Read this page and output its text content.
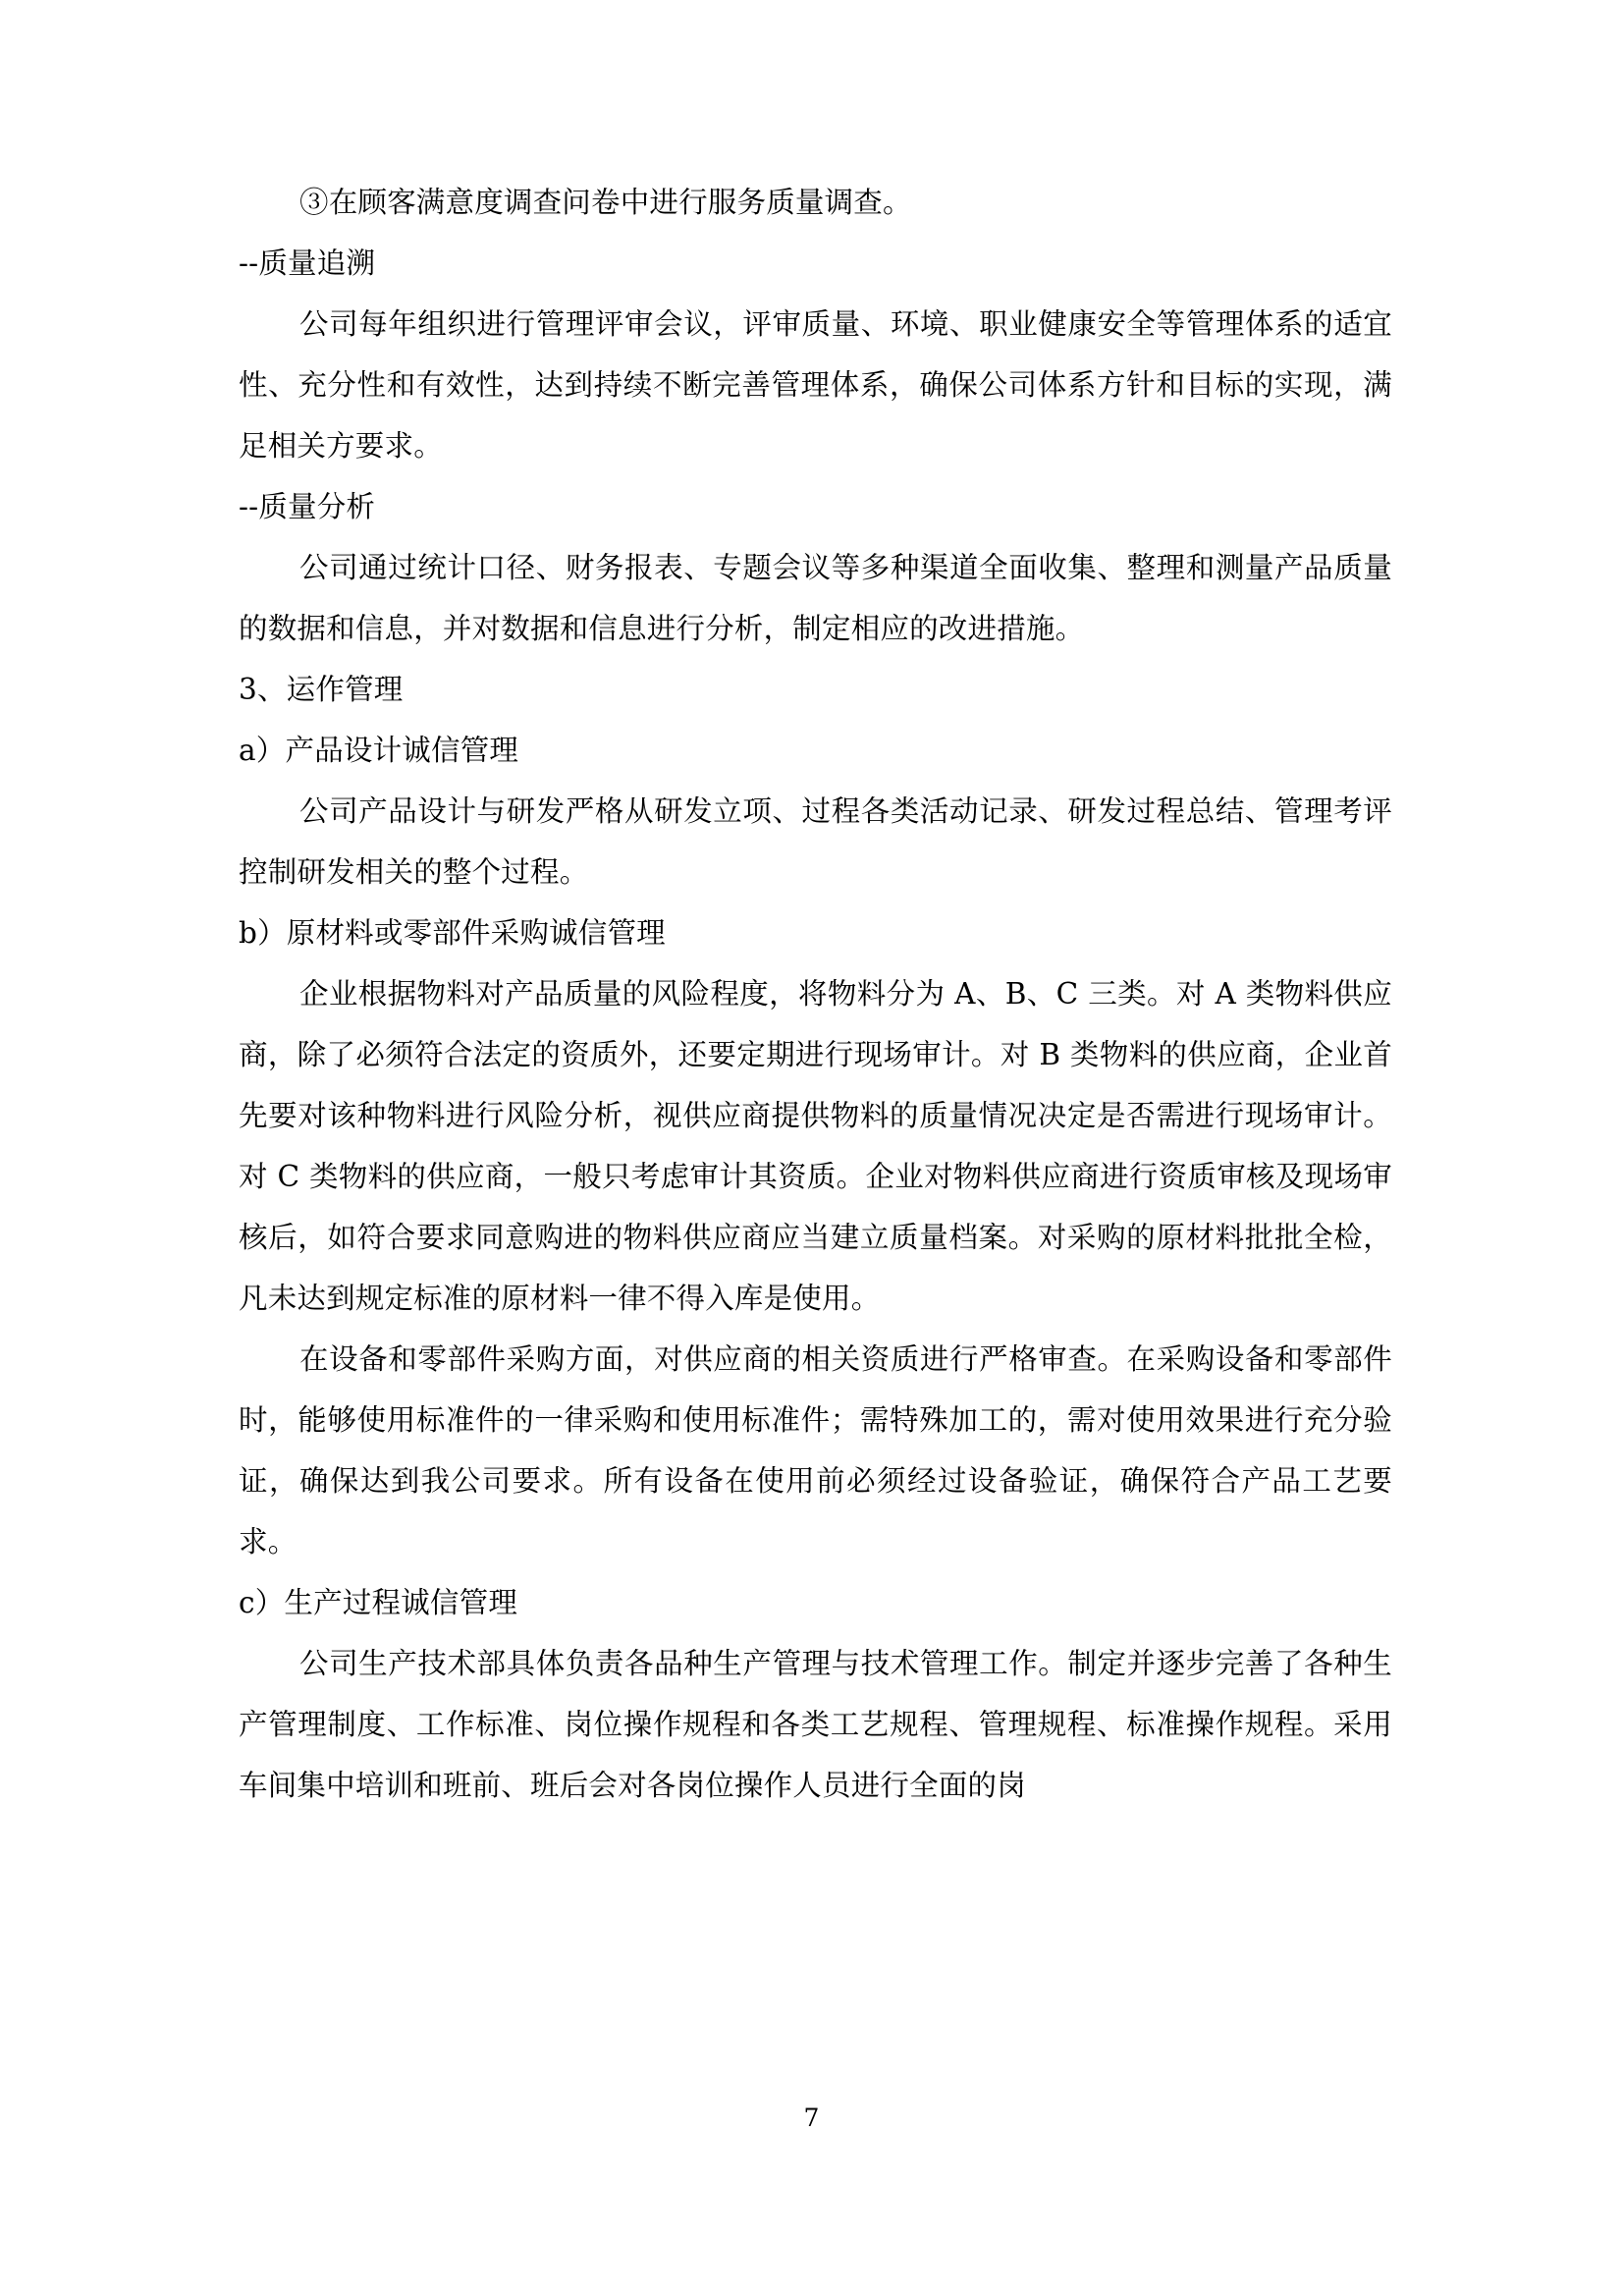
③在顾客满意度调查问卷中进行服务质量调查。

--质量追溯

公司每年组织进行管理评审会议，评审质量、环境、职业健康安全等管理体系的适宜性、充分性和有效性，达到持续不断完善管理体系，确保公司体系方针和目标的实现，满足相关方要求。

--质量分析

公司通过统计口径、财务报表、专题会议等多种渠道全面收集、整理和测量产品质量的数据和信息，并对数据和信息进行分析，制定相应的改进措施。

3、运作管理

a）产品设计诚信管理

公司产品设计与研发严格从研发立项、过程各类活动记录、研发过程总结、管理考评控制研发相关的整个过程。

b）原材料或零部件采购诚信管理

企业根据物料对产品质量的风险程度，将物料分为 A、B、C 三类。对 A 类物料供应商，除了必须符合法定的资质外，还要定期进行现场审计。对 B 类物料的供应商，企业首先要对该种物料进行风险分析，视供应商提供物料的质量情况决定是否需进行现场审计。对 C 类物料的供应商，一般只考虑审计其资质。企业对物料供应商进行资质审核及现场审核后，如符合要求同意购进的物料供应商应当建立质量档案。对采购的原材料批批全检，凡未达到规定标准的原材料一律不得入库是使用。

在设备和零部件采购方面，对供应商的相关资质进行严格审查。在采购设备和零部件时，能够使用标准件的一律采购和使用标准件；需特殊加工的，需对使用效果进行充分验证，确保达到我公司要求。所有设备在使用前必须经过设备验证，确保符合产品工艺要求。

c）生产过程诚信管理

公司生产技术部具体负责各品种生产管理与技术管理工作。制定并逐步完善了各种生产管理制度、工作标准、岗位操作规程和各类工艺规程、管理规程、标准操作规程。采用车间集中培训和班前、班后会对各岗位操作人员进行全面的岗

7
